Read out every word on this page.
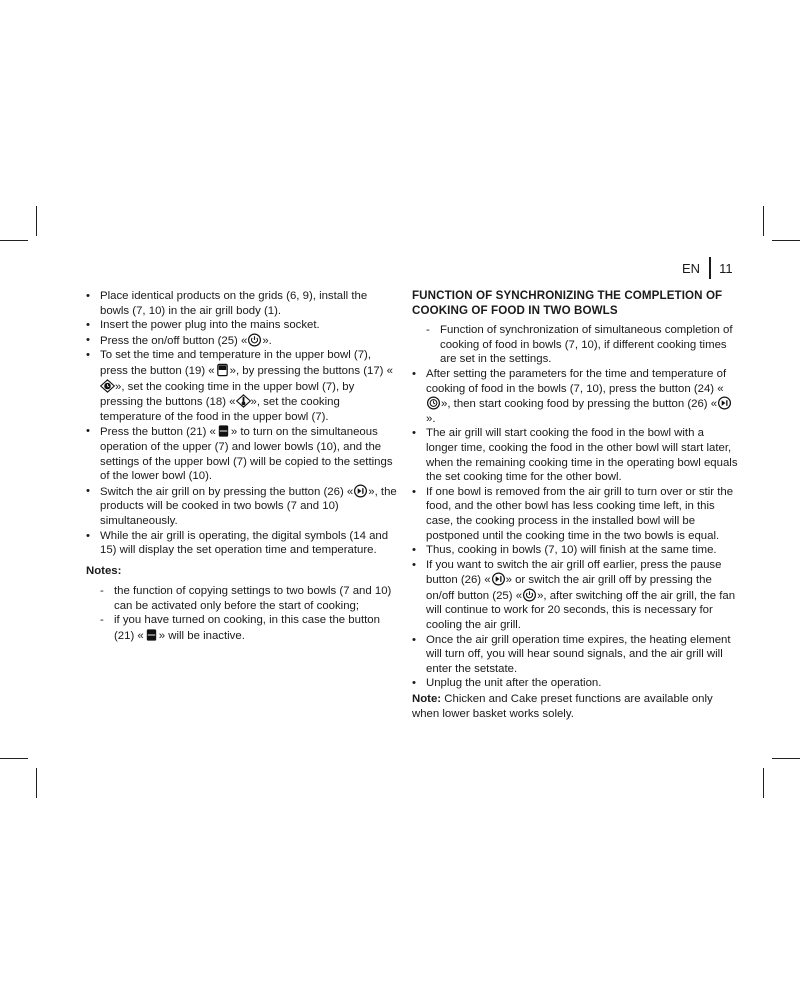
EN 11
• Place identical products on the grids (6, 9), install the bowls (7, 10) in the air grill body (1).
• Insert the power plug into the mains socket.
• Press the on/off button (25) « ».
• To set the time and temperature in the upper bowl (7), press the button (19) « », by pressing the buttons (17) «», set the cooking time in the upper bowl (7), by pressing the buttons (18) « », set the cooking temperature of the food in the upper bowl (7).
• Press the button (21) « » to turn on the simultaneous operation of the upper (7) and lower bowls (10), and the settings of the upper bowl (7) will be copied to the settings of the lower bowl (10).
• Switch the air grill on by pressing the button (26) « », the products will be cooked in two bowls (7 and 10) simultaneously.
• While the air grill is operating, the digital symbols (14 and 15) will display the set operation time and temperature.
Notes:
- the function of copying settings to two bowls (7 and 10) can be activated only before the start of cooking;
- if you have turned on cooking, in this case the button (21) « » will be inactive.
FUNCTION OF SYNCHRONIZING THE COMPLETION OF COOKING OF FOOD IN TWO BOWLS
- Function of synchronization of simultaneous completion of cooking of food in bowls (7, 10), if different cooking times are set in the settings.
• After setting the parameters for the time and temperature of cooking of food in the bowls (7, 10), press the button (24) «», then start cooking food by pressing the button (26) «».
• The air grill will start cooking the food in the bowl with a longer time, cooking the food in the other bowl will start later, when the remaining cooking time in the operating bowl equals the set cooking time for the other bowl.
• If one bowl is removed from the air grill to turn over or stir the food, and the other bowl has less cooking time left, in this case, the cooking process in the installed bowl will be postponed until the cooking time in the two bowls is equal.
• Thus, cooking in bowls (7, 10) will finish at the same time.
• If you want to switch the air grill off earlier, press the pause button (26) « » or switch the air grill off by pressing the on/off button (25) « », after switching off the air grill, the fan will continue to work for 20 seconds, this is necessary for cooling the air grill.
• Once the air grill operation time expires, the heating element will turn off, you will hear sound signals, and the air grill will enter the setstate.
• Unplug the unit after the operation.
Note: Chicken and Cake preset functions are available only when lower basket works solely.
